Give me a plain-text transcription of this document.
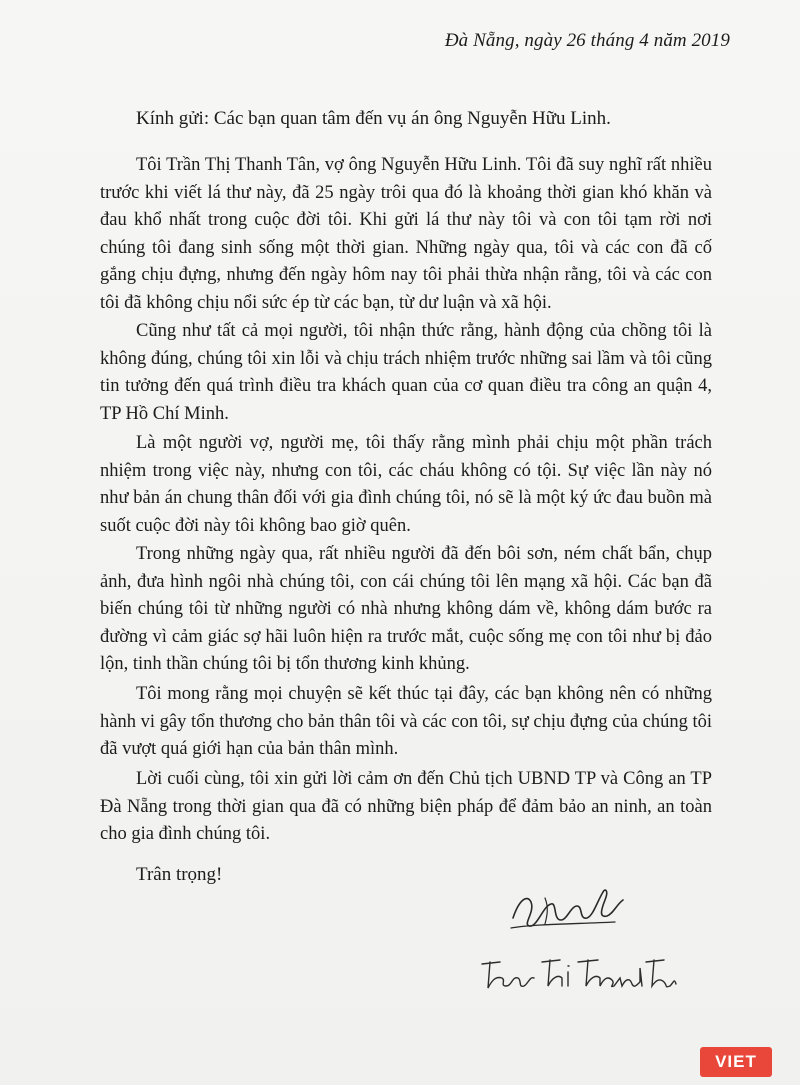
Đà Nẵng, ngày 26 tháng 4 năm 2019
Kính gửi: Các bạn quan tâm đến vụ án ông Nguyễn Hữu Linh.

Tôi Trần Thị Thanh Tân, vợ ông Nguyễn Hữu Linh. Tôi đã suy nghĩ rất nhiều trước khi viết lá thư này, đã 25 ngày trôi qua đó là khoảng thời gian khó khăn và đau khổ nhất trong cuộc đời tôi. Khi gửi lá thư này tôi và con tôi tạm rời nơi chúng tôi đang sinh sống một thời gian. Những ngày qua, tôi và các con đã cố gắng chịu đựng, nhưng đến ngày hôm nay tôi phải thừa nhận rằng, tôi và các con tôi đã không chịu nổi sức ép từ các bạn, từ dư luận và xã hội.

Cũng như tất cả mọi người, tôi nhận thức rằng, hành động của chồng tôi là không đúng, chúng tôi xin lỗi và chịu trách nhiệm trước những sai lầm và tôi cũng tin tưởng đến quá trình điều tra khách quan của cơ quan điều tra công an quận 4, TP Hồ Chí Minh.

Là một người vợ, người mẹ, tôi thấy rằng mình phải chịu một phần trách nhiệm trong việc này, nhưng con tôi, các cháu không có tội. Sự việc lần này nó như bản án chung thân đối với gia đình chúng tôi, nó sẽ là một ký ức đau buồn mà suốt cuộc đời này tôi không bao giờ quên.

Trong những ngày qua, rất nhiều người đã đến bôi sơn, ném chất bẩn, chụp ảnh, đưa hình ngôi nhà chúng tôi, con cái chúng tôi lên mạng xã hội. Các bạn đã biến chúng tôi từ những người có nhà nhưng không dám về, không dám bước ra đường vì cảm giác sợ hãi luôn hiện ra trước mắt, cuộc sống mẹ con tôi như bị đảo lộn, tinh thần chúng tôi bị tổn thương kinh khủng.

Tôi mong rằng mọi chuyện sẽ kết thúc tại đây, các bạn không nên có những hành vi gây tổn thương cho bản thân tôi và các con tôi, sự chịu đựng của chúng tôi đã vượt quá giới hạn của bản thân mình.

Lời cuối cùng, tôi xin gửi lời cảm ơn đến Chủ tịch UBND TP và Công an TP Đà Nẵng trong thời gian qua đã có những biện pháp để đảm bảo an ninh, an toàn cho gia đình chúng tôi.

Trân trọng!
VIET
